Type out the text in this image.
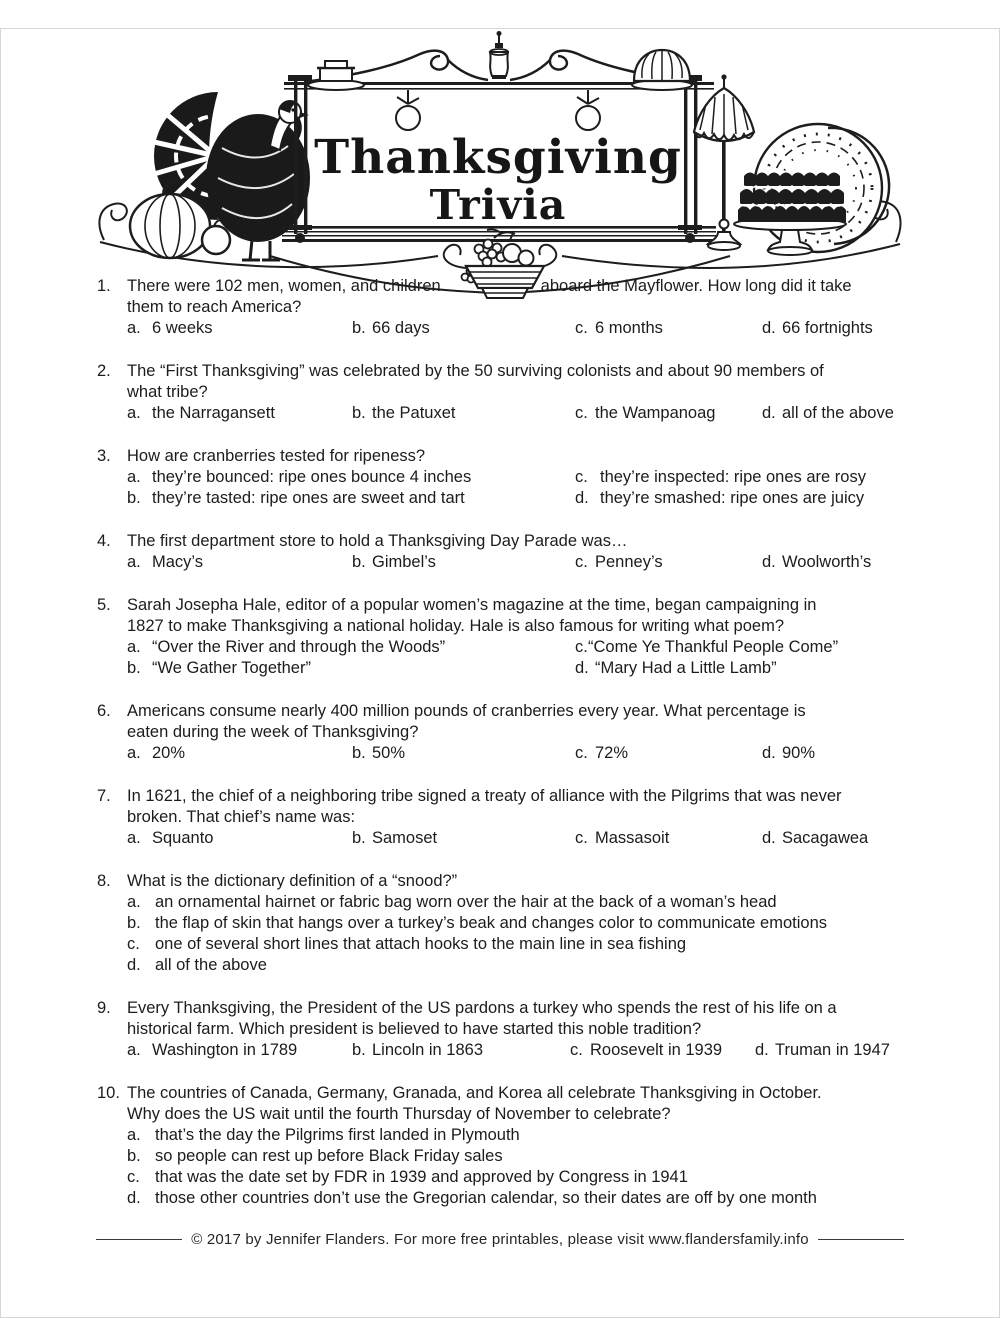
Thanksgiving
Trivia

1. There were 102 men, women, and children	aboard the Mayflower. How long did it take
them to reach America?

a. 6 weeks	b. 66 days	c. 6 months	d. 66 fortnights

2. The “First Thanksgiving” was celebrated by the 50 surviving colonists and about 90 members of
what tribe?

a. the Narragansett	b. the Patuxet	c. the Wampanoag	d. all of the above

3. How are cranberries tested for ripeness?

a. they’re bounced: ripe ones bounce 4 inches	c. they’re inspected: ripe ones are rosy
b. they’re tasted: ripe ones are sweet and tart	d. they’re smashed: ripe ones are juicy

4. The first department store to hold a Thanksgiving Day Parade was…

a. Macy’s	b. Gimbel’s	c. Penney’s	d. Woolworth’s

5. Sarah Josepha Hale, editor of a popular women’s magazine at the time, began campaigning in
1827 to make Thanksgiving a national holiday. Hale is also famous for writing what poem?

a. “Over the River and through the Woods”	c.“Come Ye Thankful People Come”
b. “We Gather Together”	d. “Mary Had a Little Lamb”

6. Americans consume nearly 400 million pounds of cranberries every year. What percentage is
eaten during the week of Thanksgiving?

a. 20%	b. 50%	c. 72%	d. 90%

7. In 1621, the chief of a neighboring tribe signed a treaty of alliance with the Pilgrims that was never
broken. That chief’s name was:

a. Squanto	b. Samoset	c. Massasoit	d. Sacagawea

8. What is the dictionary definition of a “snood?”

a. an ornamental hairnet or fabric bag worn over the hair at the back of a woman’s head
b. the flap of skin that hangs over a turkey’s beak and changes color to communicate emotions
c. one of several short lines that attach hooks to the main line in sea fishing
d. all of the above

9. Every Thanksgiving, the President of the US pardons a turkey who spends the rest of his life on a
historical farm. Which president is believed to have started this noble tradition?

a. Washington in 1789	b. Lincoln in 1863	c. Roosevelt in 1939	d. Truman in 1947

10. The countries of Canada, Germany, Granada, and Korea all celebrate Thanksgiving in October.
Why does the US wait until the fourth Thursday of November to celebrate?

a. that’s the day the Pilgrims first landed in Plymouth
b. so people can rest up before Black Friday sales
c. that was the date set by FDR in 1939 and approved by Congress in 1941
d. those other countries don’t use the Gregorian calendar, so their dates are off by one month
© 2017 by Jennifer Flanders. For more free printables, please visit www.flandersfamily.info
